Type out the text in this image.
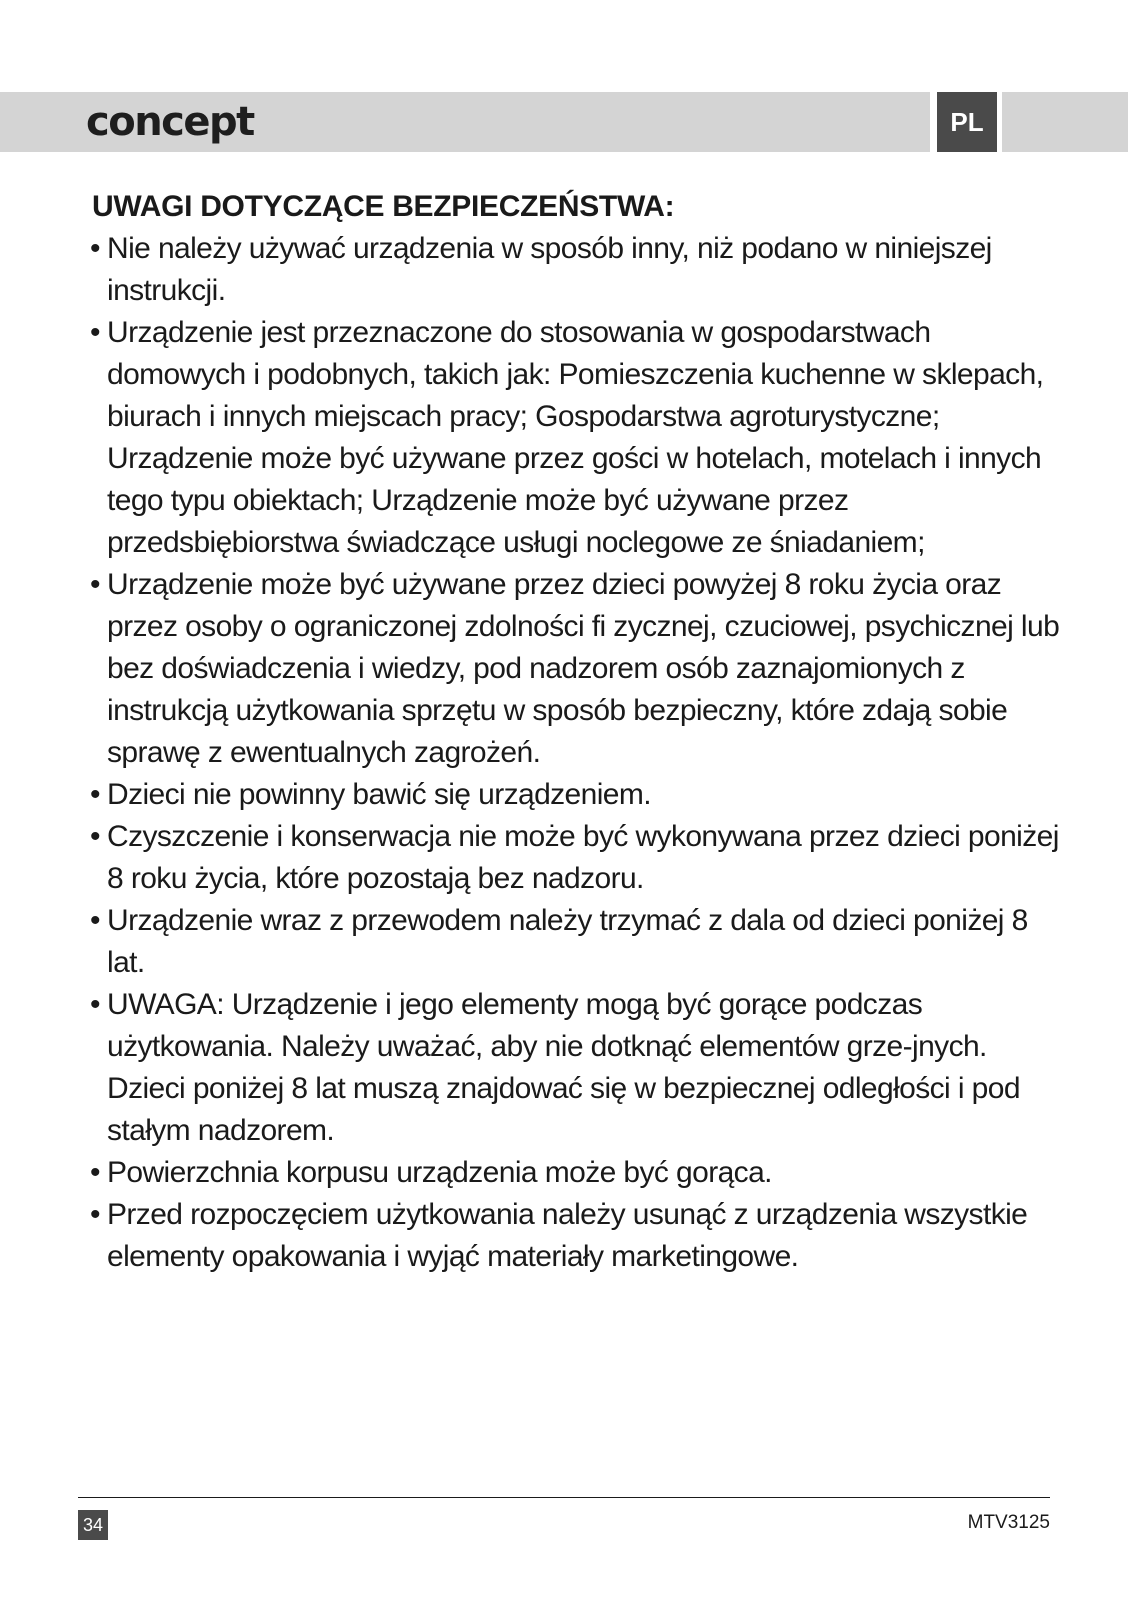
concept	PL
UWAGI DOTYCZĄCE BEZPIECZEŃSTWA:
• Nie należy używać urządzenia w sposób inny, niż podano w niniejszej instrukcji.
• Urządzenie jest przeznaczone do stosowania w gospodarstwach domowych i podobnych, takich jak: Pomieszczenia kuchenne w sklepach, biurach i innych miejscach pracy; Gospodarstwa agroturystyczne; Urządzenie może być używane przez gości w hotelach, motelach i innych tego typu obiektach; Urządzenie może być używane przez przedsbiębiorstwa świadczące usługi noclegowe ze śniadaniem;
• Urządzenie może być używane przez dzieci powyżej 8 roku życia oraz przez osoby o ograniczonej zdolności fi zycznej, czuciowej, psychicznej lub bez doświadczenia i wiedzy, pod nadzorem osób zaznajomionych z instrukcją użytkowania sprzętu w sposób bezpieczny, które zdają sobie sprawę z ewentualnych zagrożeń.
• Dzieci nie powinny bawić się urządzeniem.
• Czyszczenie i konserwacja nie może być wykonywana przez dzieci poniżej 8 roku życia, które pozostają bez nadzoru.
• Urządzenie wraz z przewodem należy trzymać z dala od dzieci poniżej 8 lat.
• UWAGA: Urządzenie i jego elementy mogą być gorące podczas użytkowania. Należy uważać, aby nie dotknąć elementów grze-jnych. Dzieci poniżej 8 lat muszą znajdować się w bezpiecznej odległości i pod stałym nadzorem.
• Powierzchnia korpusu urządzenia może być gorąca.
• Przed rozpoczęciem użytkowania należy usunąć z urządzenia wszystkie elementy opakowania i wyjąć materiały marketingowe.
34	MTV3125
